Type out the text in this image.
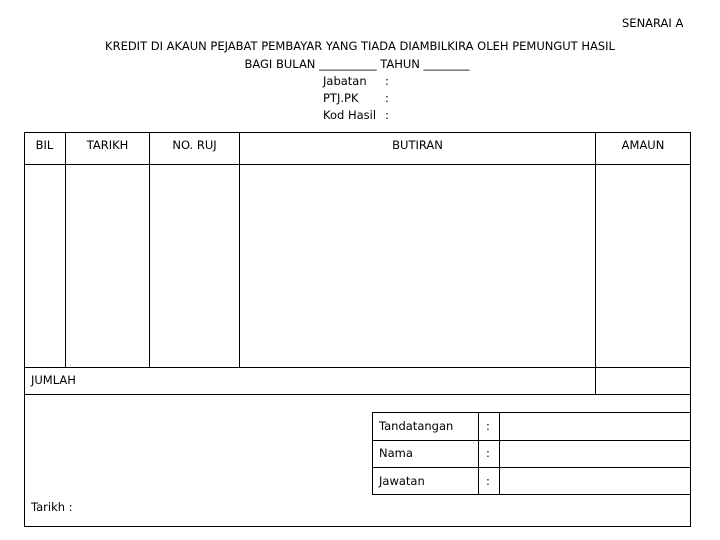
SENARAI A
KREDIT DI AKAUN PEJABAT PEMBAYAR YANG TIADA DIAMBILKIRA OLEH PEMUNGUT HASIL
BAGI BULAN __________ TAHUN ________
Jabatan :
PTJ.PK :
Kod Hasil :
BIL	TARIKH	NO. RUJ	BUTIRAN	AMAUN
JUMLAH
Tandatangan	:
Nama	:
Jawatan	:
Tarikh :
